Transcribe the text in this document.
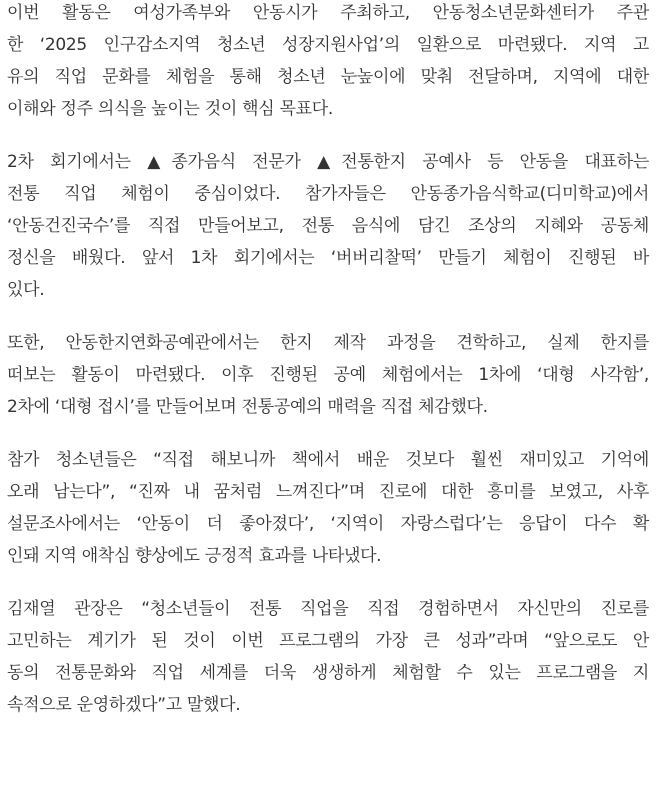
이번 활동은 여성가족부와 안동시가 주최하고, 안동청소년문화센터가 주관
한 ‘2025 인구감소지역 청소년 성장지원사업’의 일환으로 마련됐다. 지역 고
유의 직업 문화를 체험을 통해 청소년 눈높이에 맞춰 전달하며, 지역에 대한
이해와 정주 의식을 높이는 것이 핵심 목표다.

2차 회기에서는 ▲종가음식 전문가 ▲전통한지 공예사 등 안동을 대표하는
전통 직업 체험이 중심이었다. 참가자들은 안동종가음식학교(디미학교)에서
‘안동건진국수’를 직접 만들어보고, 전통 음식에 담긴 조상의 지혜와 공동체
정신을 배웠다. 앞서 1차 회기에서는 ‘버버리찰떡’ 만들기 체험이 진행된 바
있다.

또한, 안동한지연화공예관에서는 한지 제작 과정을 견학하고, 실제 한지를
떠보는 활동이 마련됐다. 이후 진행된 공예 체험에서는 1차에 ‘대형 사각함’,
2차에 ‘대형 접시’를 만들어보며 전통공예의 매력을 직접 체감했다.

참가 청소년들은 “직접 해보니까 책에서 배운 것보다 훨씬 재미있고 기억에
오래 남는다”, “진짜 내 꿈처럼 느껴진다”며 진로에 대한 흥미를 보였고, 사후
설문조사에서는 ‘안동이 더 좋아졌다’, ‘지역이 자랑스럽다’는 응답이 다수 확
인돼 지역 애착심 향상에도 긍정적 효과를 나타냈다.

김재열 관장은 “청소년들이 전통 직업을 직접 경험하면서 자신만의 진로를
고민하는 계기가 된 것이 이번 프로그램의 가장 큰 성과”라며 “앞으로도 안
동의 전통문화와 직업 세계를 더욱 생생하게 체험할 수 있는 프로그램을 지
속적으로 운영하겠다”고 말했다.
